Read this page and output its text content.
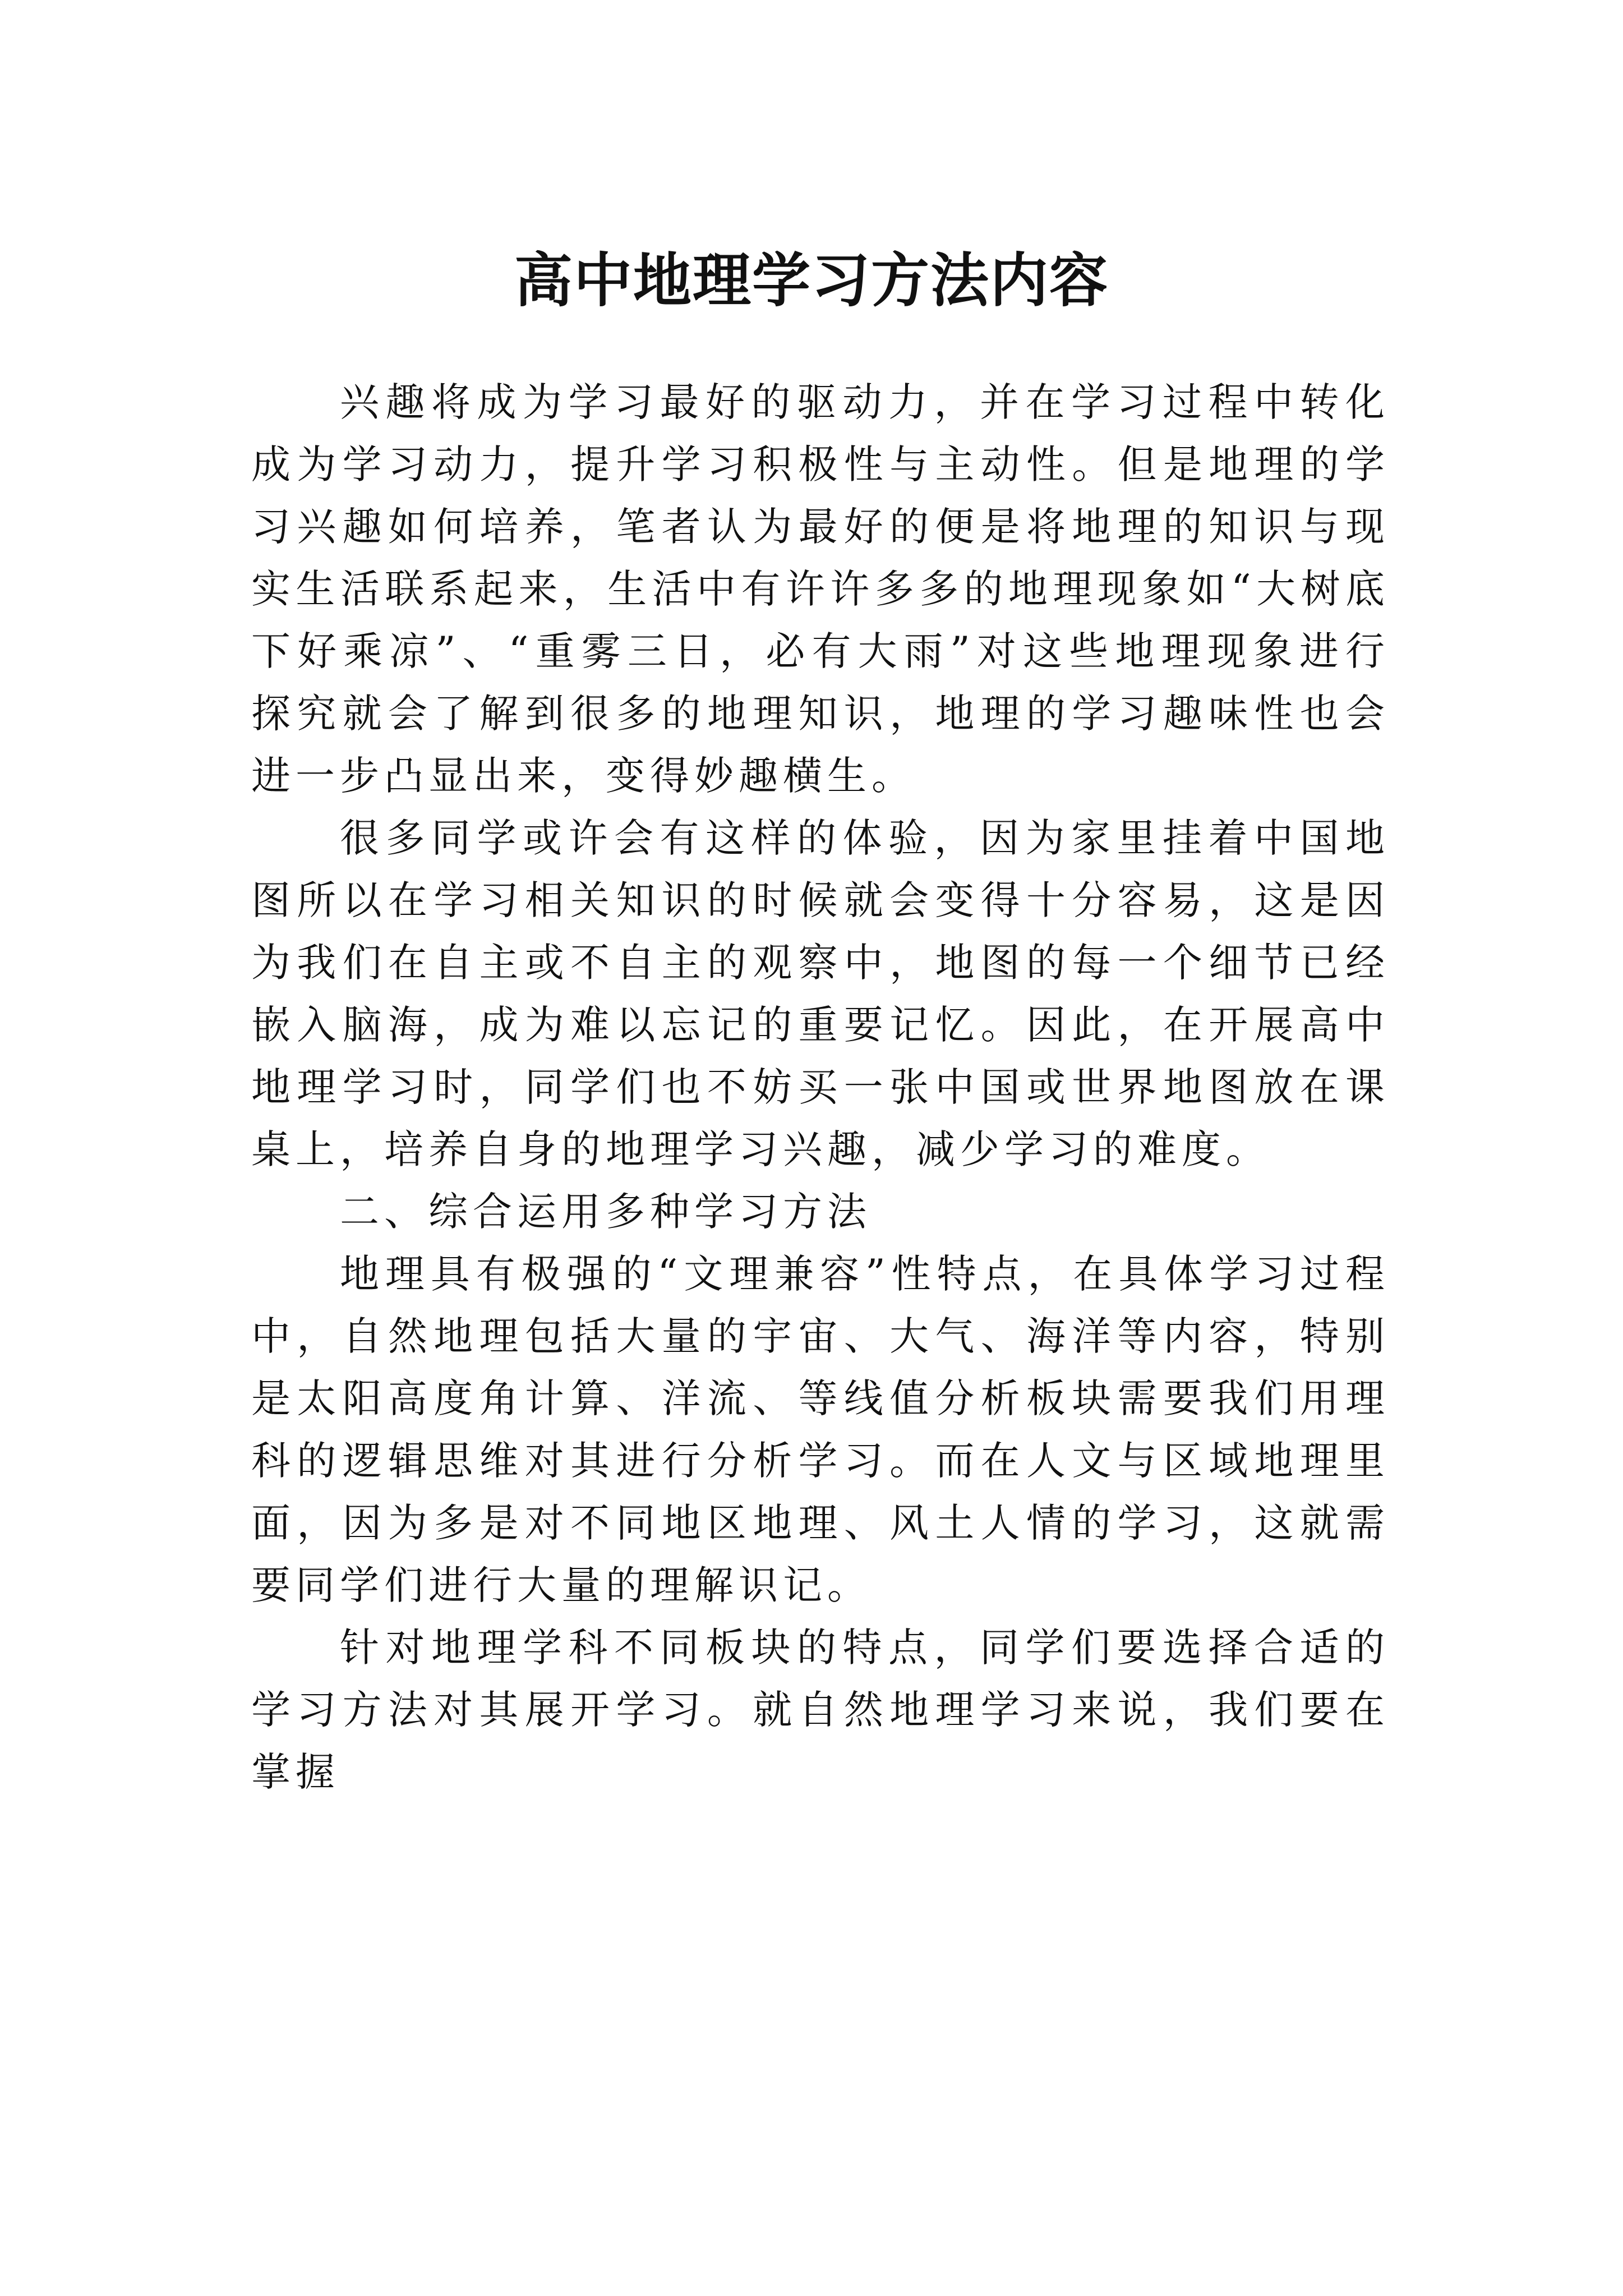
高中地理学习方法内容

兴趣将成为学习最好的驱动力，并在学习过程中转化成为学习动力，提升学习积极性与主动性。但是地理的学习兴趣如何培养，笔者认为最好的便是将地理的知识与现实生活联系起来，生活中有许许多多的地理现象如“大树底下好乘凉”、“重雾三日，必有大雨”对这些地理现象进行探究就会了解到很多的地理知识，地理的学习趣味性也会进一步凸显出来，变得妙趣横生。

很多同学或许会有这样的体验，因为家里挂着中国地图所以在学习相关知识的时候就会变得十分容易，这是因为我们在自主或不自主的观察中，地图的每一个细节已经嵌入脑海，成为难以忘记的重要记忆。因此，在开展高中地理学习时，同学们也不妨买一张中国或世界地图放在课桌上，培养自身的地理学习兴趣，减少学习的难度。

二、综合运用多种学习方法

地理具有极强的“文理兼容”性特点，在具体学习过程中，自然地理包括大量的宇宙、大气、海洋等内容，特别是太阳高度角计算、洋流、等线值分析板块需要我们用理科的逻辑思维对其进行分析学习。而在人文与区域地理里面，因为多是对不同地区地理、风土人情的学习，这就需要同学们进行大量的理解识记。

针对地理学科不同板块的特点，同学们要选择合适的学习方法对其展开学习。就自然地理学习来说，我们要在掌握
